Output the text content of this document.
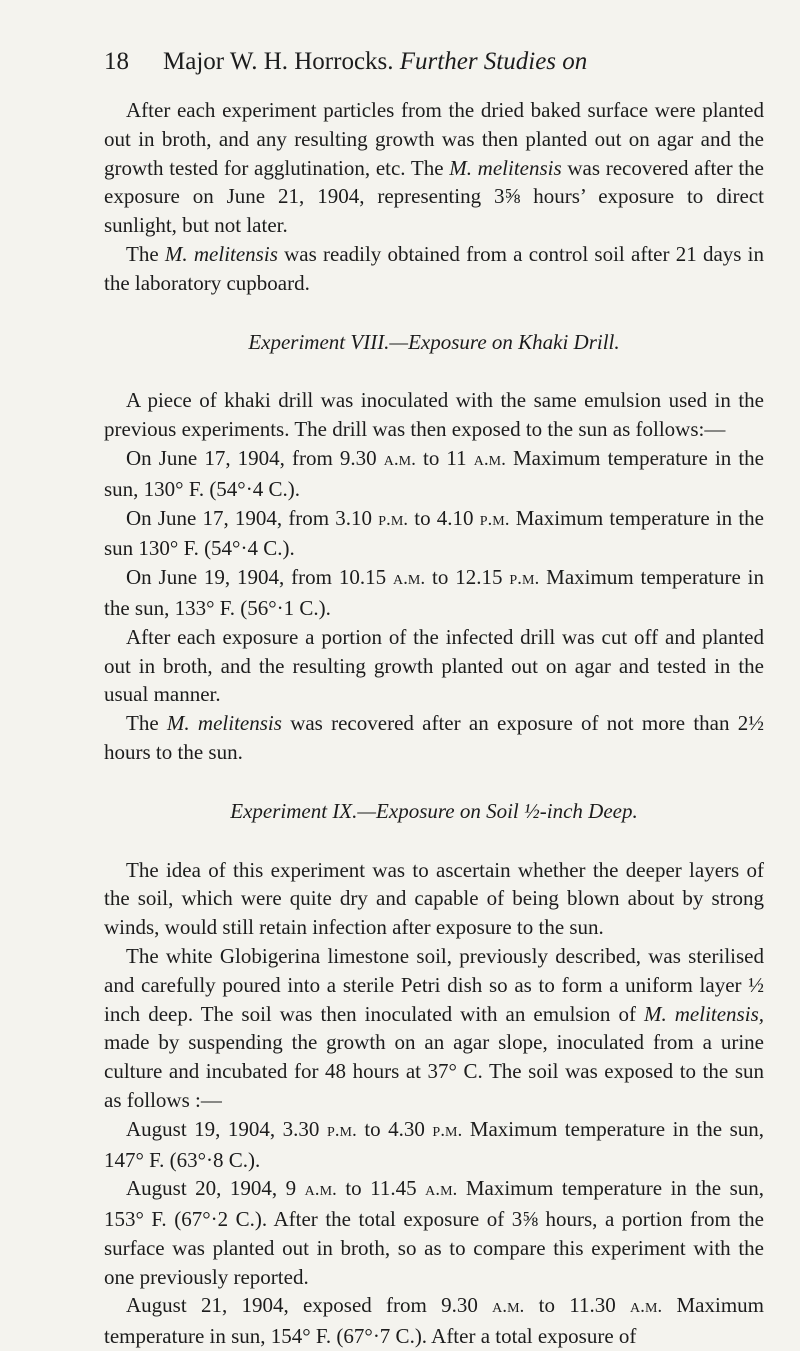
18 Major W. H. Horrocks. Further Studies on

After each experiment particles from the dried baked surface were planted out in broth, and any resulting growth was then planted out on agar and the growth tested for agglutination, etc. The M. melitensis was recovered after the exposure on June 21, 1904, representing 3⅝ hours’ exposure to direct sunlight, but not later.

The M. melitensis was readily obtained from a control soil after 21 days in the laboratory cupboard.

Experiment VIII.—Exposure on Khaki Drill.

A piece of khaki drill was inoculated with the same emulsion used in the previous experiments. The drill was then exposed to the sun as follows:—

On June 17, 1904, from 9.30 a.m. to 11 a.m. Maximum temperature in the sun, 130° F. (54°·4 C.).

On June 17, 1904, from 3.10 p.m. to 4.10 p.m. Maximum temperature in the sun 130° F. (54°·4 C.).

On June 19, 1904, from 10.15 a.m. to 12.15 p.m. Maximum temperature in the sun, 133° F. (56°·1 C.).

After each exposure a portion of the infected drill was cut off and planted out in broth, and the resulting growth planted out on agar and tested in the usual manner.

The M. melitensis was recovered after an exposure of not more than 2½ hours to the sun.

Experiment IX.—Exposure on Soil ½-inch Deep.

The idea of this experiment was to ascertain whether the deeper layers of the soil, which were quite dry and capable of being blown about by strong winds, would still retain infection after exposure to the sun.

The white Globigerina limestone soil, previously described, was sterilised and carefully poured into a sterile Petri dish so as to form a uniform layer ½ inch deep. The soil was then inoculated with an emulsion of M. melitensis, made by suspending the growth on an agar slope, inoculated from a urine culture and incubated for 48 hours at 37° C. The soil was exposed to the sun as follows :—

August 19, 1904, 3.30 p.m. to 4.30 p.m. Maximum temperature in the sun, 147° F. (63°·8 C.).

August 20, 1904, 9 a.m. to 11.45 a.m. Maximum temperature in the sun, 153° F. (67°·2 C.). After the total exposure of 3⅝ hours, a portion from the surface was planted out in broth, so as to compare this experiment with the one previously reported.

August 21, 1904, exposed from 9.30 a.m. to 11.30 a.m. Maximum temperature in sun, 154° F. (67°·7 C.). After a total exposure of
